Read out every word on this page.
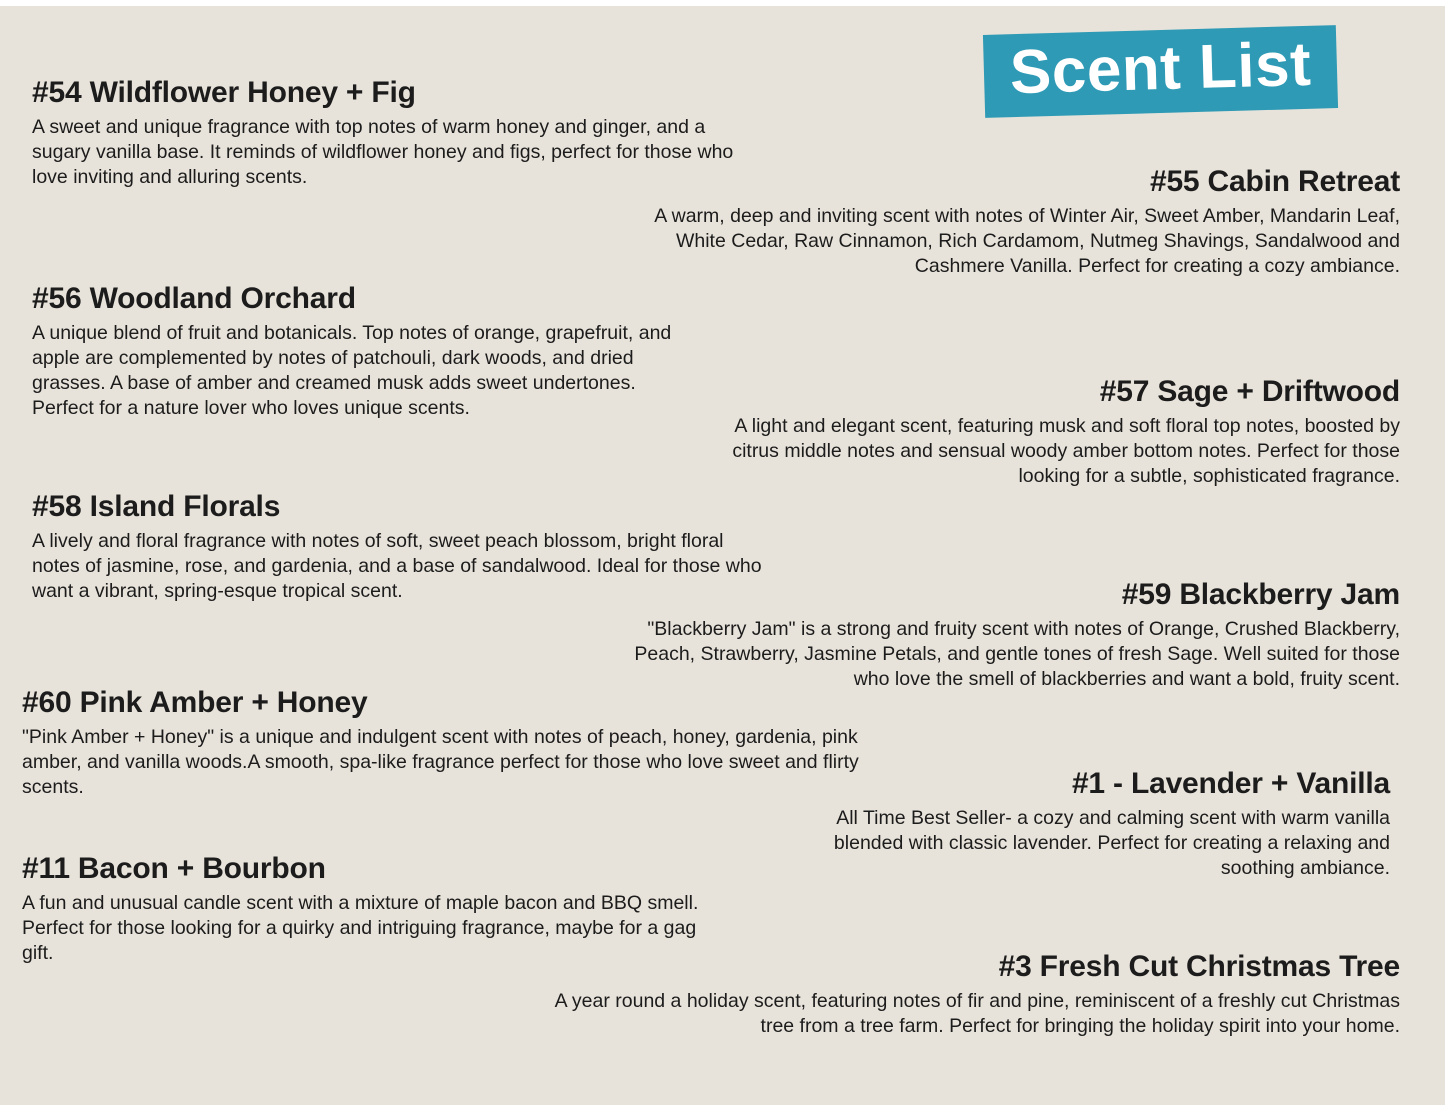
Scent List
#54 Wildflower Honey + Fig

A sweet and unique fragrance with top notes of warm honey and ginger, and a sugary vanilla base. It reminds of wildflower honey and figs, perfect for those who love inviting and alluring scents.	#55 Cabin Retreat

A warm, deep and inviting scent with notes of Winter Air, Sweet Amber, Mandarin Leaf, White Cedar, Raw Cinnamon, Rich Cardamom, Nutmeg Shavings, Sandalwood and Cashmere Vanilla. Perfect for creating a cozy ambiance.

#56 Woodland Orchard

A unique blend of fruit and botanicals. Top notes of orange, grapefruit, and apple are complemented by notes of patchouli, dark woods, and dried grasses. A base of amber and creamed musk adds sweet undertones. Perfect for a nature lover who loves unique scents.	#57 Sage + Driftwood

A light and elegant scent, featuring musk and soft floral top notes, boosted by citrus middle notes and sensual woody amber bottom notes. Perfect for those looking for a subtle, sophisticated fragrance.

#58 Island Florals

A lively and floral fragrance with notes of soft, sweet peach blossom, bright floral notes of jasmine, rose, and gardenia, and a base of sandalwood. Ideal for those who want a vibrant, spring-esque tropical scent.	#59 Blackberry Jam

"Blackberry Jam" is a strong and fruity scent with notes of Orange, Crushed Blackberry, Peach, Strawberry, Jasmine Petals, and gentle tones of fresh Sage. Well suited for those who love the smell of blackberries and want a bold, fruity scent.

#60 Pink Amber + Honey

"Pink Amber + Honey" is a unique and indulgent scent with notes of peach, honey, gardenia, pink amber, and vanilla woods.A smooth, spa-like fragrance perfect for those who love sweet and flirty scents.	#1 - Lavender + Vanilla

All Time Best Seller- a cozy and calming scent with warm vanilla blended with classic lavender. Perfect for creating a relaxing and soothing ambiance.

#11 Bacon + Bourbon

A fun and unusual candle scent with a mixture of maple bacon and BBQ smell. Perfect for those looking for a quirky and intriguing fragrance, maybe for a gag gift.	#3 Fresh Cut Christmas Tree

A year round a holiday scent, featuring notes of fir and pine, reminiscent of a freshly cut Christmas tree from a tree farm. Perfect for bringing the holiday spirit into your home.
